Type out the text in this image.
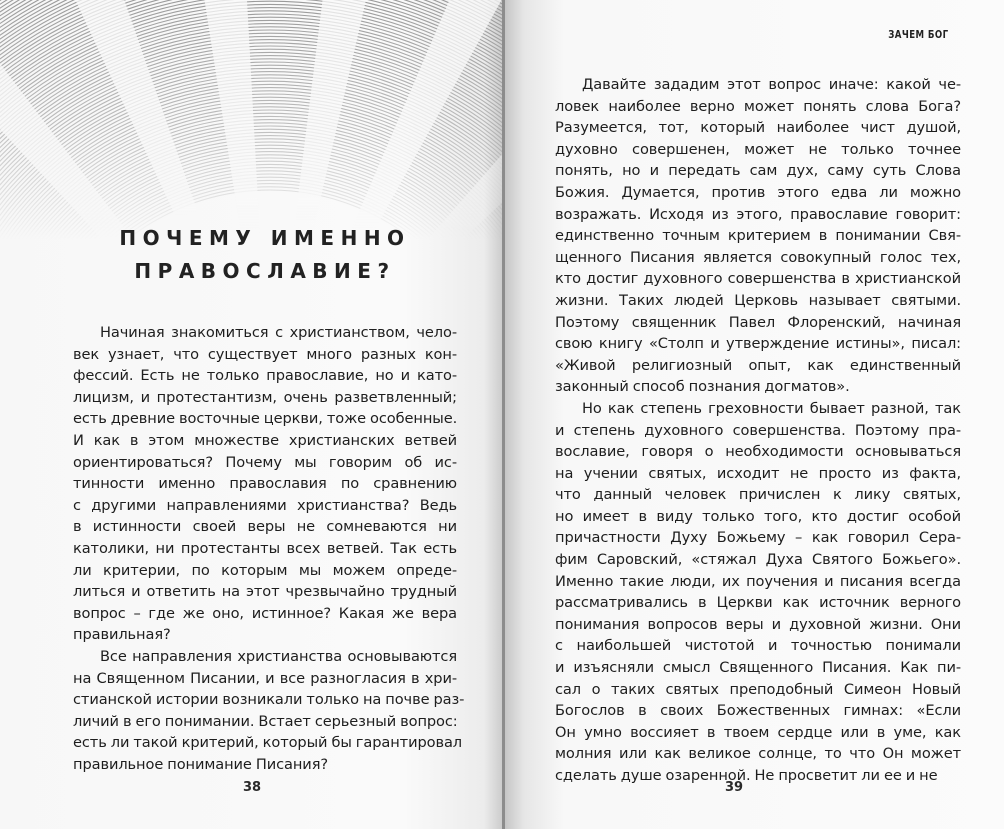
ПОЧЕМУ ИМЕННО
ПРАВОСЛАВИЕ?
Начиная знакомиться с христианством, чело-
век узнает, что существует много разных кон-
фессий. Есть не только православие, но и като-
лицизм, и протестантизм, очень разветвленный;
есть древние восточные церкви, тоже особенные.
И как в этом множестве христианских ветвей
ориентироваться? Почему мы говорим об ис-
тинности именно православия по сравнению
с другими направлениями христианства? Ведь
в истинности своей веры не сомневаются ни
католики, ни протестанты всех ветвей. Так есть
ли критерии, по которым мы можем опреде-
литься и ответить на этот чрезвычайно трудный
вопрос – где же оно, истинное? Какая же вера
правильная?
Все направления христианства основываются
на Священном Писании, и все разногласия в хри-
стианской истории возникали только на почве раз-
личий в его понимании. Встает серьезный вопрос:
есть ли такой критерий, который бы гарантировал
правильное понимание Писания?
38
ЗАЧЕМ БОГ
Давайте зададим этот вопрос иначе: какой че-
ловек наиболее верно может понять слова Бога?
Разумеется, тот, который наиболее чист душой,
духовно совершенен, может не только точнее
понять, но и передать сам дух, саму суть Слова
Божия. Думается, против этого едва ли можно
возражать. Исходя из этого, православие говорит:
единственно точным критерием в понимании Свя-
щенного Писания является совокупный голос тех,
кто достиг духовного совершенства в христианской
жизни. Таких людей Церковь называет святыми.
Поэтому священник Павел Флоренский, начиная
свою книгу «Столп и утверждение истины», писал:
«Живой религиозный опыт, как единственный
законный способ познания догматов».
Но как степень греховности бывает разной, так
и степень духовного совершенства. Поэтому пра-
вославие, говоря о необходимости основываться
на учении святых, исходит не просто из факта,
что данный человек причислен к лику святых,
но имеет в виду только того, кто достиг особой
причастности Духу Божьему – как говорил Сера-
фим Саровский, «стяжал Духа Святого Божьего».
Именно такие люди, их поучения и писания всегда
рассматривались в Церкви как источник верного
понимания вопросов веры и духовной жизни. Они
с наибольшей чистотой и точностью понимали
и изъясняли смысл Священного Писания. Как пи-
сал о таких святых преподобный Симеон Новый
Богослов в своих Божественных гимнах: «Если
Он умно воссияет в твоем сердце или в уме, как
молния или как великое солнце, то что Он может
сделать душе озаренной. Не просветит ли ее и не
39
